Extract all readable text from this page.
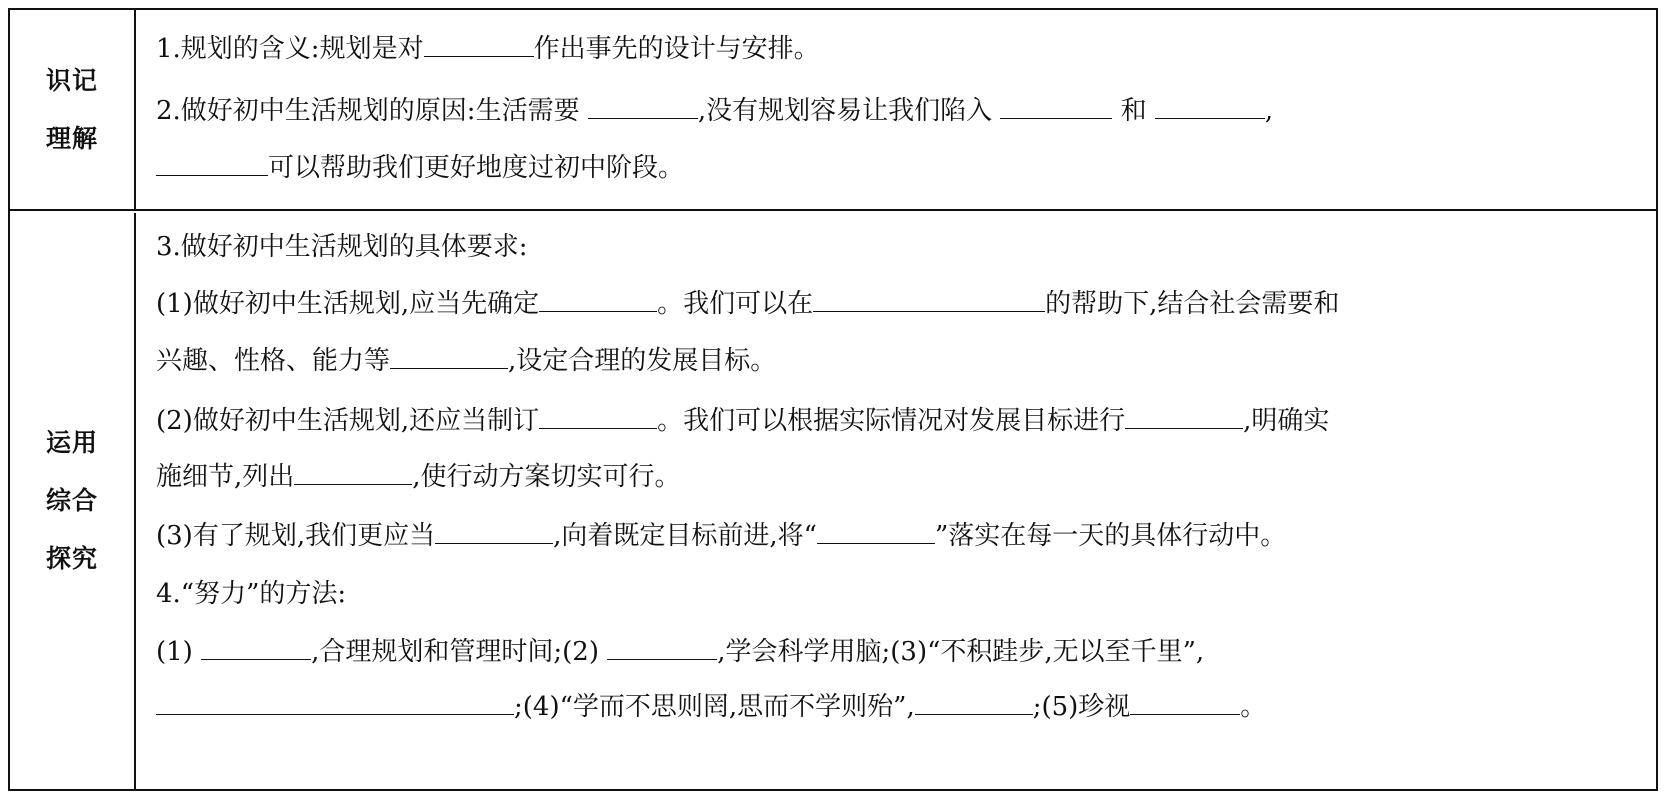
识记
理解
1.规划的含义:规划是对	作出事先的设计与安排。
2.做好初中生活规划的原因:生活需要	,没有规划容易让我们陷入	和	,
可以帮助我们更好地度过初中阶段。
运用
综合
探究
3.做好初中生活规划的具体要求:
(1)做好初中生活规划,应当先确定	。我们可以在	的帮助下,结合社会需要和
兴趣、性格、能力等	,设定合理的发展目标。
(2)做好初中生活规划,还应当制订	。我们可以根据实际情况对发展目标进行	,明确实
施细节,列出	,使行动方案切实可行。
(3)有了规划,我们更应当	,向着既定目标前进,将“	”落实在每一天的具体行动中。
4.“努力”的方法:
(1)	,合理规划和管理时间;(2)	,学会科学用脑;(3)“不积跬步,无以至千里”,
;(4)“学而不思则罔,思而不学则殆”,	;(5)珍视	。
